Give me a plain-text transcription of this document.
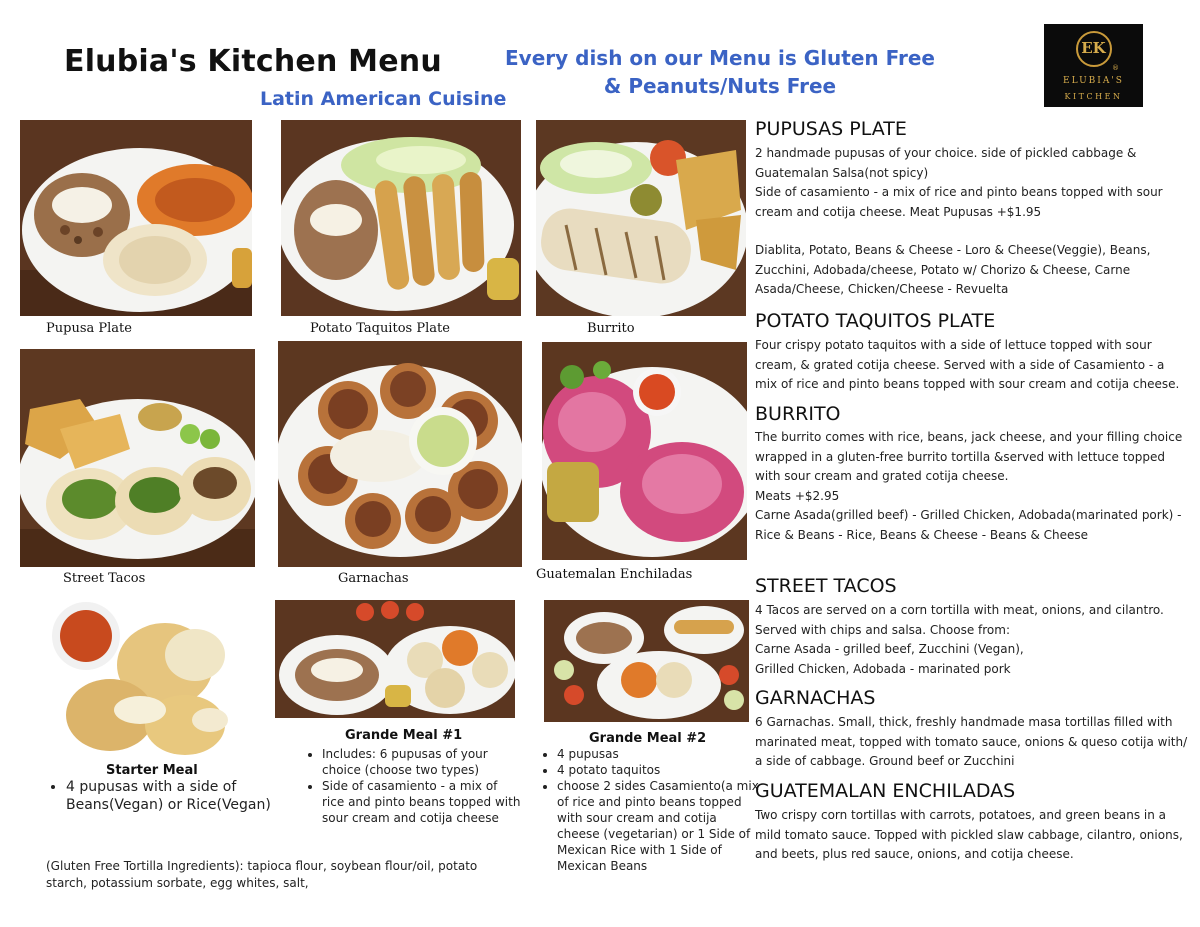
Elubia's Kitchen Menu
Latin American Cuisine
Every dish on our Menu is Gluten Free
& Peanuts/Nuts Free
EK
®
ELUBIA'S
KITCHEN
Pupusa Plate	Potato Taquitos Plate	Burrito
Street Tacos	Garnachas	Guatemalan Enchiladas
Starter Meal
• 4 pupusas with a side of Beans(Vegan) or Rice(Vegan)
Grande Meal #1
• Includes: 6 pupusas of your choice (choose two types)
• Side of casamiento - a mix of rice and pinto beans topped with sour cream and cotija cheese
Grande Meal #2
• 4 pupusas
• 4 potato taquitos
• choose 2 sides Casamiento(a mix of rice and pinto beans topped with sour cream and cotija cheese (vegetarian) or 1 Side of Mexican Rice with 1 Side of Mexican Beans
(Gluten Free Tortilla Ingredients): tapioca flour, soybean flour/oil, potato starch, potassium sorbate, egg whites, salt,
PUPUSAS PLATE

2 handmade pupusas of your choice. side of pickled cabbage & Guatemalan Salsa(not spicy)

Side of casamiento - a mix of rice and pinto beans topped with sour cream and cotija cheese. Meat Pupusas +$1.95

Diablita, Potato, Beans & Cheese - Loro & Cheese(Veggie), Beans, Zucchini, Adobada/cheese, Potato w/ Chorizo & Cheese, Carne Asada/Cheese, Chicken/Cheese - Revuelta

POTATO TAQUITOS PLATE

Four crispy potato taquitos with a side of lettuce topped with sour cream, & grated cotija cheese. Served with a side of Casamiento - a mix of rice and pinto beans topped with sour cream and cotija cheese.

BURRITO

The burrito comes with rice, beans, jack cheese, and your filling choice wrapped in a gluten-free burrito tortilla &served with lettuce topped with sour cream and grated cotija cheese.

Meats +$2.95

Carne Asada(grilled beef) - Grilled Chicken, Adobada(marinated pork) -Rice & Beans - Rice, Beans & Cheese - Beans & Cheese

STREET TACOS

4 Tacos are served on a corn tortilla with meat, onions, and cilantro. Served with chips and salsa. Choose from:

Carne Asada - grilled beef, Zucchini (Vegan),

Grilled Chicken, Adobada - marinated pork

GARNACHAS

6 Garnachas. Small, thick, freshly handmade masa tortillas filled with marinated meat, topped with tomato sauce, onions & queso cotija with/ a side of cabbage. Ground beef or Zucchini

GUATEMALAN ENCHILADAS

Two crispy corn tortillas with carrots, potatoes, and green beans in a mild tomato sauce. Topped with pickled slaw cabbage, cilantro, onions, and beets, plus red sauce, onions, and cotija cheese.
